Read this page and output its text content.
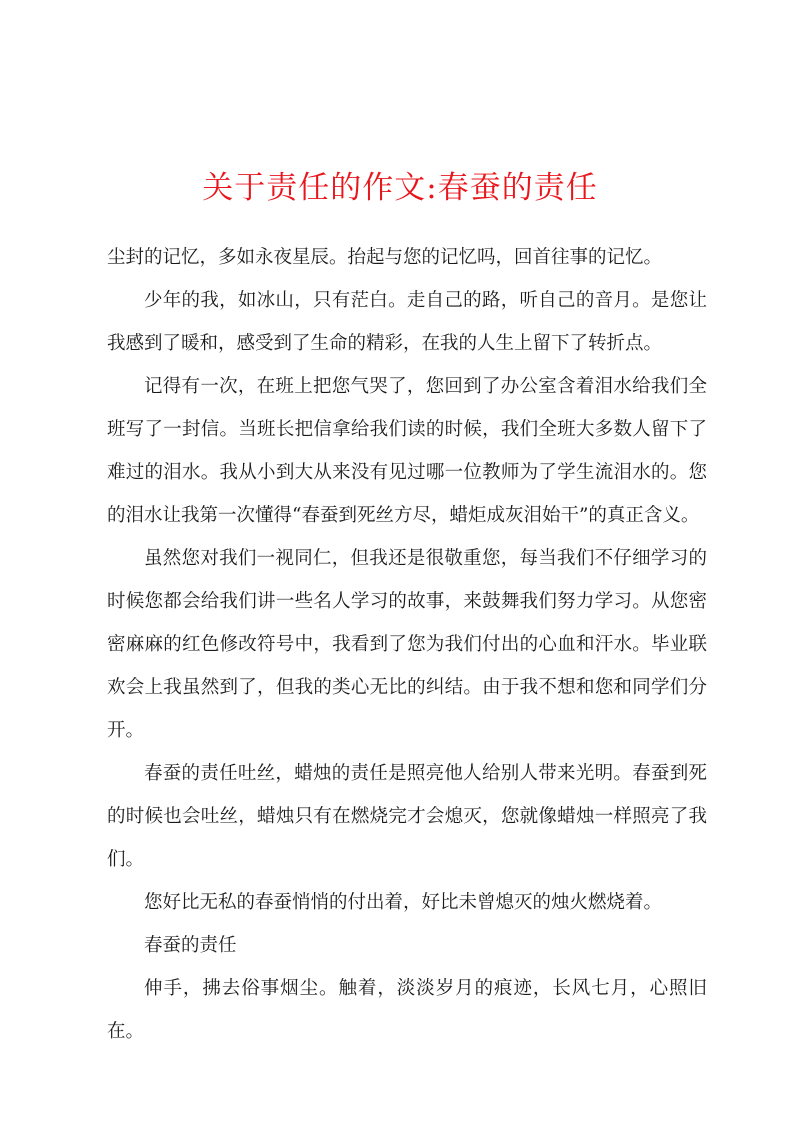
关于责任的作文:春蚕的责任

尘封的记忆，多如永夜星辰。抬起与您的记忆吗，回首往事的记忆。

少年的我，如冰山，只有茫白。走自己的路，听自己的音月。是您让我感到了暖和，感受到了生命的精彩，在我的人生上留下了转折点。

记得有一次，在班上把您气哭了，您回到了办公室含着泪水给我们全班写了一封信。当班长把信拿给我们读的时候，我们全班大多数人留下了难过的泪水。我从小到大从来没有见过哪一位教师为了学生流泪水的。您的泪水让我第一次懂得“春蚕到死丝方尽，蜡炬成灰泪始干”的真正含义。

虽然您对我们一视同仁，但我还是很敬重您，每当我们不仔细学习的时候您都会给我们讲一些名人学习的故事，来鼓舞我们努力学习。从您密密麻麻的红色修改符号中，我看到了您为我们付出的心血和汗水。毕业联欢会上我虽然到了，但我的类心无比的纠结。由于我不想和您和同学们分开。

春蚕的责任吐丝，蜡烛的责任是照亮他人给别人带来光明。春蚕到死的时候也会吐丝，蜡烛只有在燃烧完才会熄灭，您就像蜡烛一样照亮了我们。

您好比无私的春蚕悄悄的付出着，好比未曾熄灭的烛火燃烧着。

春蚕的责任

伸手，拂去俗事烟尘。触着，淡淡岁月的痕迹，长风七月，心照旧在。
